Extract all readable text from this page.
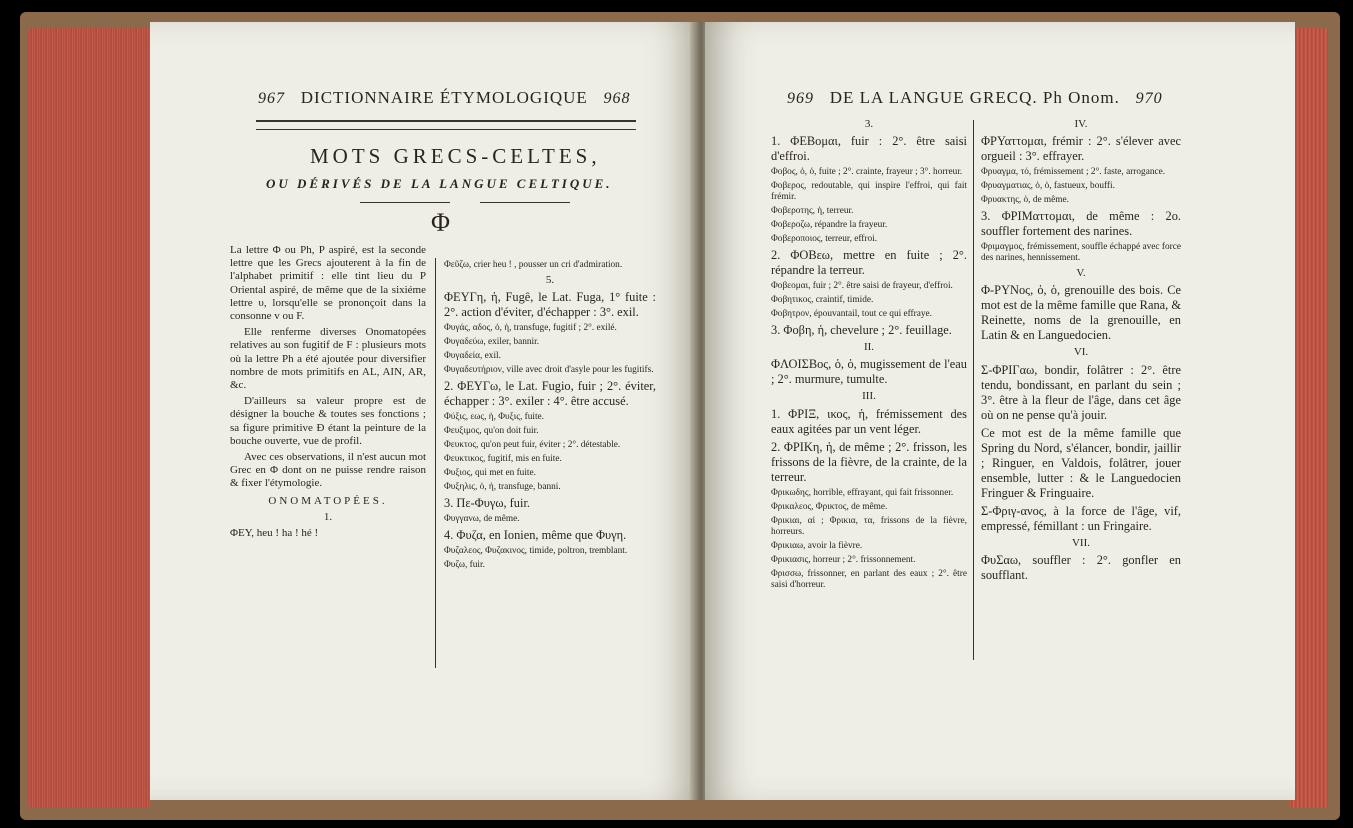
967 DICTIONNAIRE ÉTYMOLOGIQUE 968
MOTS GRECS-CELTES,
OU DÉRIVÉS DE LA LANGUE CELTIQUE.
Φ

La lettre Φ ou Ph, P aspiré, est la seconde lettre que les Grecs ajouterent à la fin de l'alphabet primitif : elle tint lieu du P Oriental aspiré, de même que de la sixiéme lettre υ, lorsqu'elle se prononçoit dans la consonne v ou F.

Elle renferme diverses Onomatopées relatives au son fugitif de F : plusieurs mots où la lettre Ph a été ajoutée pour diversifier nombre de mots primitifs en AL, AIN, AR, &c.

D'ailleurs sa valeur propre est de désigner la bouche & toutes ses fonctions ; sa figure primitive Ð étant la peinture de la bouche ouverte, vue de profil.

Avec ces observations, il n'est aucun mot Grec en Φ dont on ne puisse rendre raison & fixer l'étymologie.

ONOMATOPÉES.

1.

ΦΕΥ, heu ! ha ! hé !

Φεῦζω, crier heu ! , pousser un cri d'admiration.

5.

ΦΕΥΓη, ἡ, Fugê, le Lat. Fuga, 1° fuite : 2°. action d'éviter, d'échapper : 3°. exil.

Φυγάς, αδος, ὁ, ἡ, transfuge, fugitif ; 2°. exilé.

Φυγαδεύω, exiler, bannir.

Φυγαδεία, exil.

Φυγαδευτήριον, ville avec droit d'asyle pour les fugitifs.

2. ΦΕΥΓω, le Lat. Fugio, fuir ; 2°. éviter, échapper : 3°. exiler : 4°. être accusé.

Φύξις, εως, ἡ, Φυξις, fuite.

Φευξιμος, qu'on doit fuir.

Φευκτος, qu'on peut fuir, éviter ; 2°. détestable.

Φευκτικος, fugitif, mis en fuite.

Φυξιος, qui met en fuite.

Φυξηλις, ὁ, ἡ, transfuge, banni.

3. Πε-Φυγω, fuir.

Φυγγανω, de même.

4. Φυζα, en Ionien, même que Φυγη.

Φυζαλεος, Φυζακινος, timide, poltron, tremblant.

Φυζω, fuir.

969 DE LA LANGUE GRECQ. Ph Onom. 970

3.

1. ΦΕΒομαι, fuir : 2°. être saisi d'effroi.

Φοβος, ὁ, ὁ, fuite ; 2°. crainte, frayeur ; 3°. horreur.

Φοβερος, redoutable, qui inspire l'effroi, qui fait frémir.

Φοβεροτης, ἡ, terreur.

Φοβεροζω, répandre la frayeur.

Φοβεροποιος, terreur, effroi.

2. ΦΟΒεω, mettre en fuite ; 2°. répandre la terreur.

Φοβεομαι, fuir ; 2°. être saisi de frayeur, d'effroi.

Φοβητικος, craintif, timide.

Φοβητρον, épouvantail, tout ce qui effraye.

3. Φοβη, ἡ, chevelure ; 2°. feuillage.

II.

ΦΛΟΙΣΒος, ὁ, ὁ, mugissement de l'eau ; 2°. murmure, tumulte.

III.

1. ΦΡΙΞ, ικος, ἡ, frémissement des eaux agitées par un vent léger.

2. ΦΡΙΚη, ἡ, de même ; 2°. frisson, les frissons de la fièvre, de la crainte, de la terreur.

Φρικωδης, horrible, effrayant, qui fait frissonner.

Φρικαλεος, Φρικτος, de même.

Φρικιαι, αἱ ; Φρικια, τα, frissons de la fièvre, horreurs.

Φρικιαω, avoir la fièvre.

Φρικιασις, horreur ; 2°. frissonnement.

Φρισσω, frissonner, en parlant des eaux ; 2°. être saisi d'horreur.

IV.

ΦΡΥαττομαι, frémir : 2°. s'élever avec orgueil : 3°. effrayer.

Φρυαγμα, τό, frémissement ; 2°. faste, arrogance.

Φρυαγματιας, ὁ, ὁ, fastueux, bouffi.

Φρυακτης, ὁ, de même.

3. ΦΡΙΜαττομαι, de même : 2o. souffler fortement des narines.

Φριμαγμος, frémissement, souffle échappé avec force des narines, hennissement.

V.

Φ-ΡΥΝος, ὁ, ὁ, grenouille des bois. Ce mot est de la même famille que Rana, & Reinette, noms de la grenouille, en Latin & en Languedocien.

VI.

Σ-ΦΡΙΓαω, bondir, folâtrer : 2°. être tendu, bondissant, en parlant du sein ; 3°. être à la fleur de l'âge, dans cet âge où on ne pense qu'à jouir.

Ce mot est de la même famille que Spring du Nord, s'élancer, bondir, jaillir ; Ringuer, en Valdois, folâtrer, jouer ensemble, lutter : & le Languedocien Fringuer & Fringuaire.

Σ-Φριγ-ανος, à la force de l'âge, vif, empressé, fémillant : un Fringaire.

VII.

ΦυΣαω, souffler : 2°. gonfler en soufflant.
